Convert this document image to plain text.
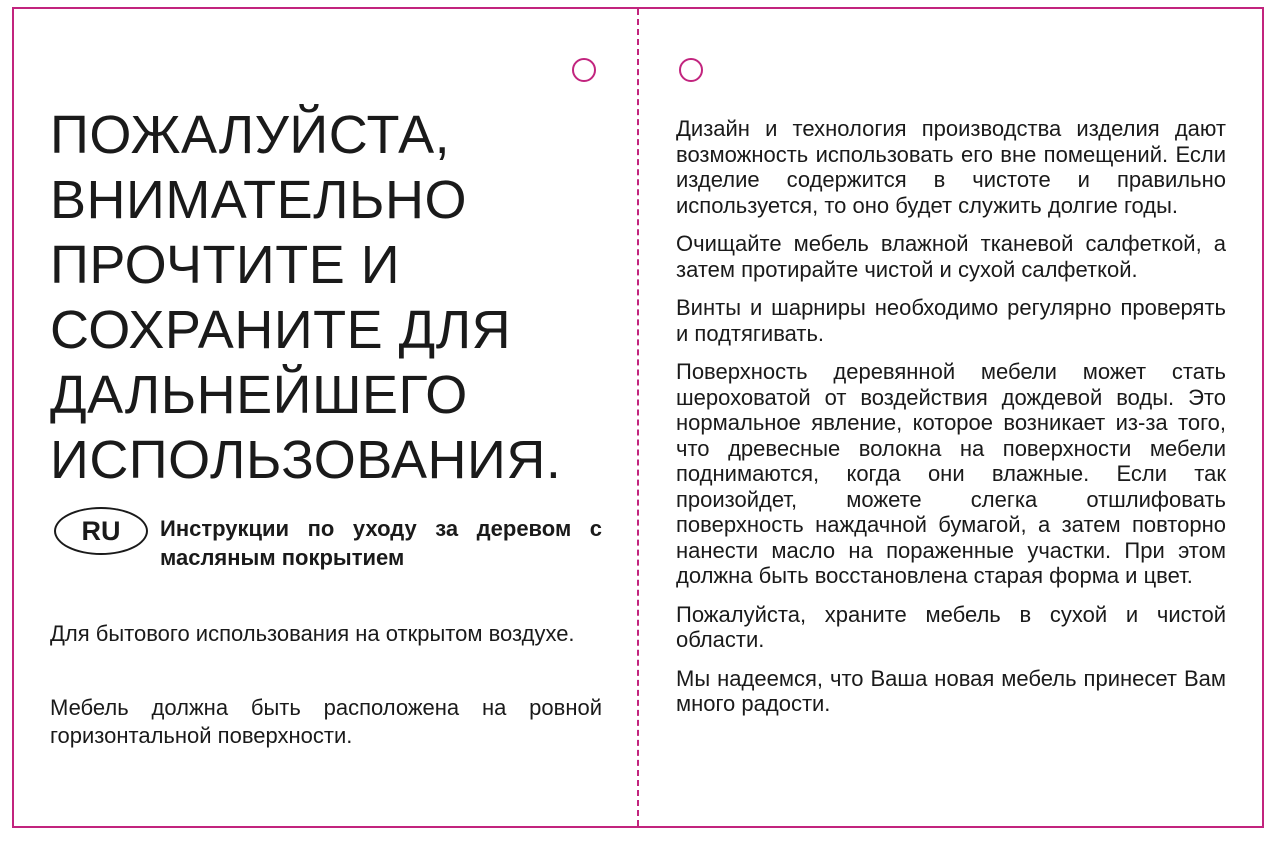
ПОЖАЛУЙСТА,
ВНИМАТЕЛЬНО
ПРОЧТИТЕ И
СОХРАНИТЕ ДЛЯ
ДАЛЬНЕЙШЕГО
ИСПОЛЬЗОВАНИЯ.
RU	Инструкции по уходу за деревом с масляным покрытием

Для бытового использования на открытом воздухе.

Мебель должна быть расположена на ровной горизонтальной поверхности.

Дизайн и технология производства изделия дают возможность использовать его вне помещений. Если изделие содержится в чистоте и правильно используется, то оно будет служить долгие годы.

Очищайте мебель влажной тканевой салфеткой, а затем протирайте чистой и сухой салфеткой.

Винты и шарниры необходимо регулярно проверять и подтягивать.

Поверхность деревянной мебели может стать шероховатой от воздействия дождевой воды. Это нормальное явление, которое возникает из-за того, что древесные волокна на поверхности мебели поднимаются, когда они влажные. Если так произойдет, можете слегка отшлифовать поверхность наждачной бумагой, а затем повторно нанести масло на пораженные участки. При этом должна быть восстановлена старая форма и цвет.

Пожалуйста, храните мебель в сухой и чистой области.

Мы надеемся, что Ваша новая мебель принесет Вам много радости.
